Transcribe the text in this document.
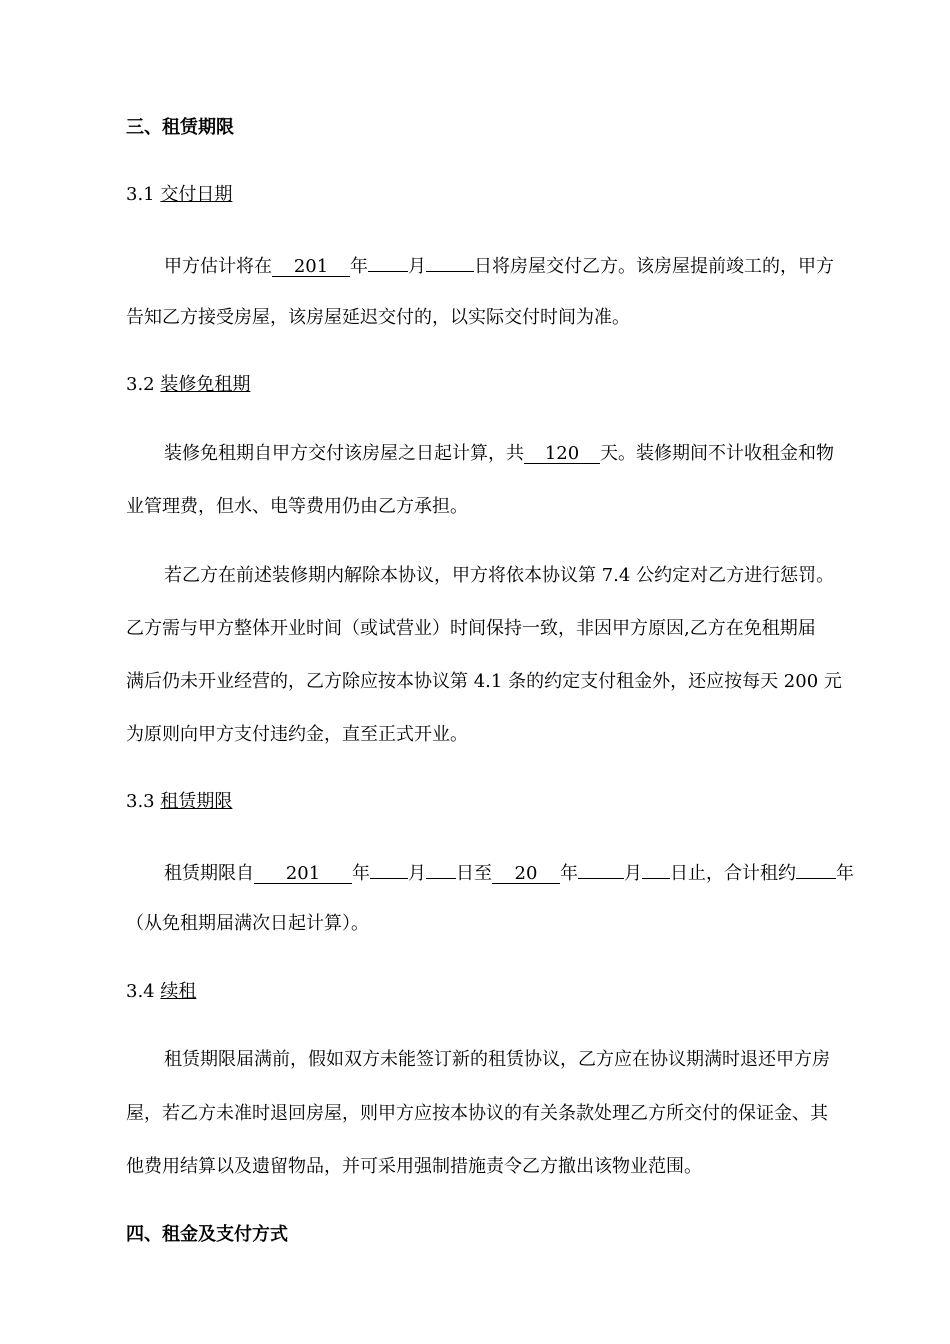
三、租赁期限
3.1 交付日期
甲方估计将在 201 年 月	日将房屋交付乙方。该房屋提前竣工的，甲方
告知乙方接受房屋，该房屋延迟交付的，以实际交付时间为准。
3.2 装修免租期
装修免租期自甲方交付该房屋之日起计算，共 120 天。装修期间不计收租金和物
业管理费，但水、电等费用仍由乙方承担。
若乙方在前述装修期内解除本协议，甲方将依本协议第 7.4 公约定对乙方进行惩罚。
乙方需与甲方整体开业时间（或试营业）时间保持一致，非因甲方原因,乙方在免租期届
满后仍未开业经营的，乙方除应按本协议第 4.1 条的约定支付租金外，还应按每天 200 元
为原则向甲方支付违约金，直至正式开业。
3.3 租赁期限
租赁期限自 201 年 月 日至 20 年	月 日止，合计租约 年
（从免租期届满次日起计算）。
3.4 续租
租赁期限届满前，假如双方未能签订新的租赁协议，乙方应在协议期满时退还甲方房
屋，若乙方未准时退回房屋，则甲方应按本协议的有关条款处理乙方所交付的保证金、其
他费用结算以及遗留物品，并可采用强制措施责令乙方撤出该物业范围。
四、租金及支付方式
